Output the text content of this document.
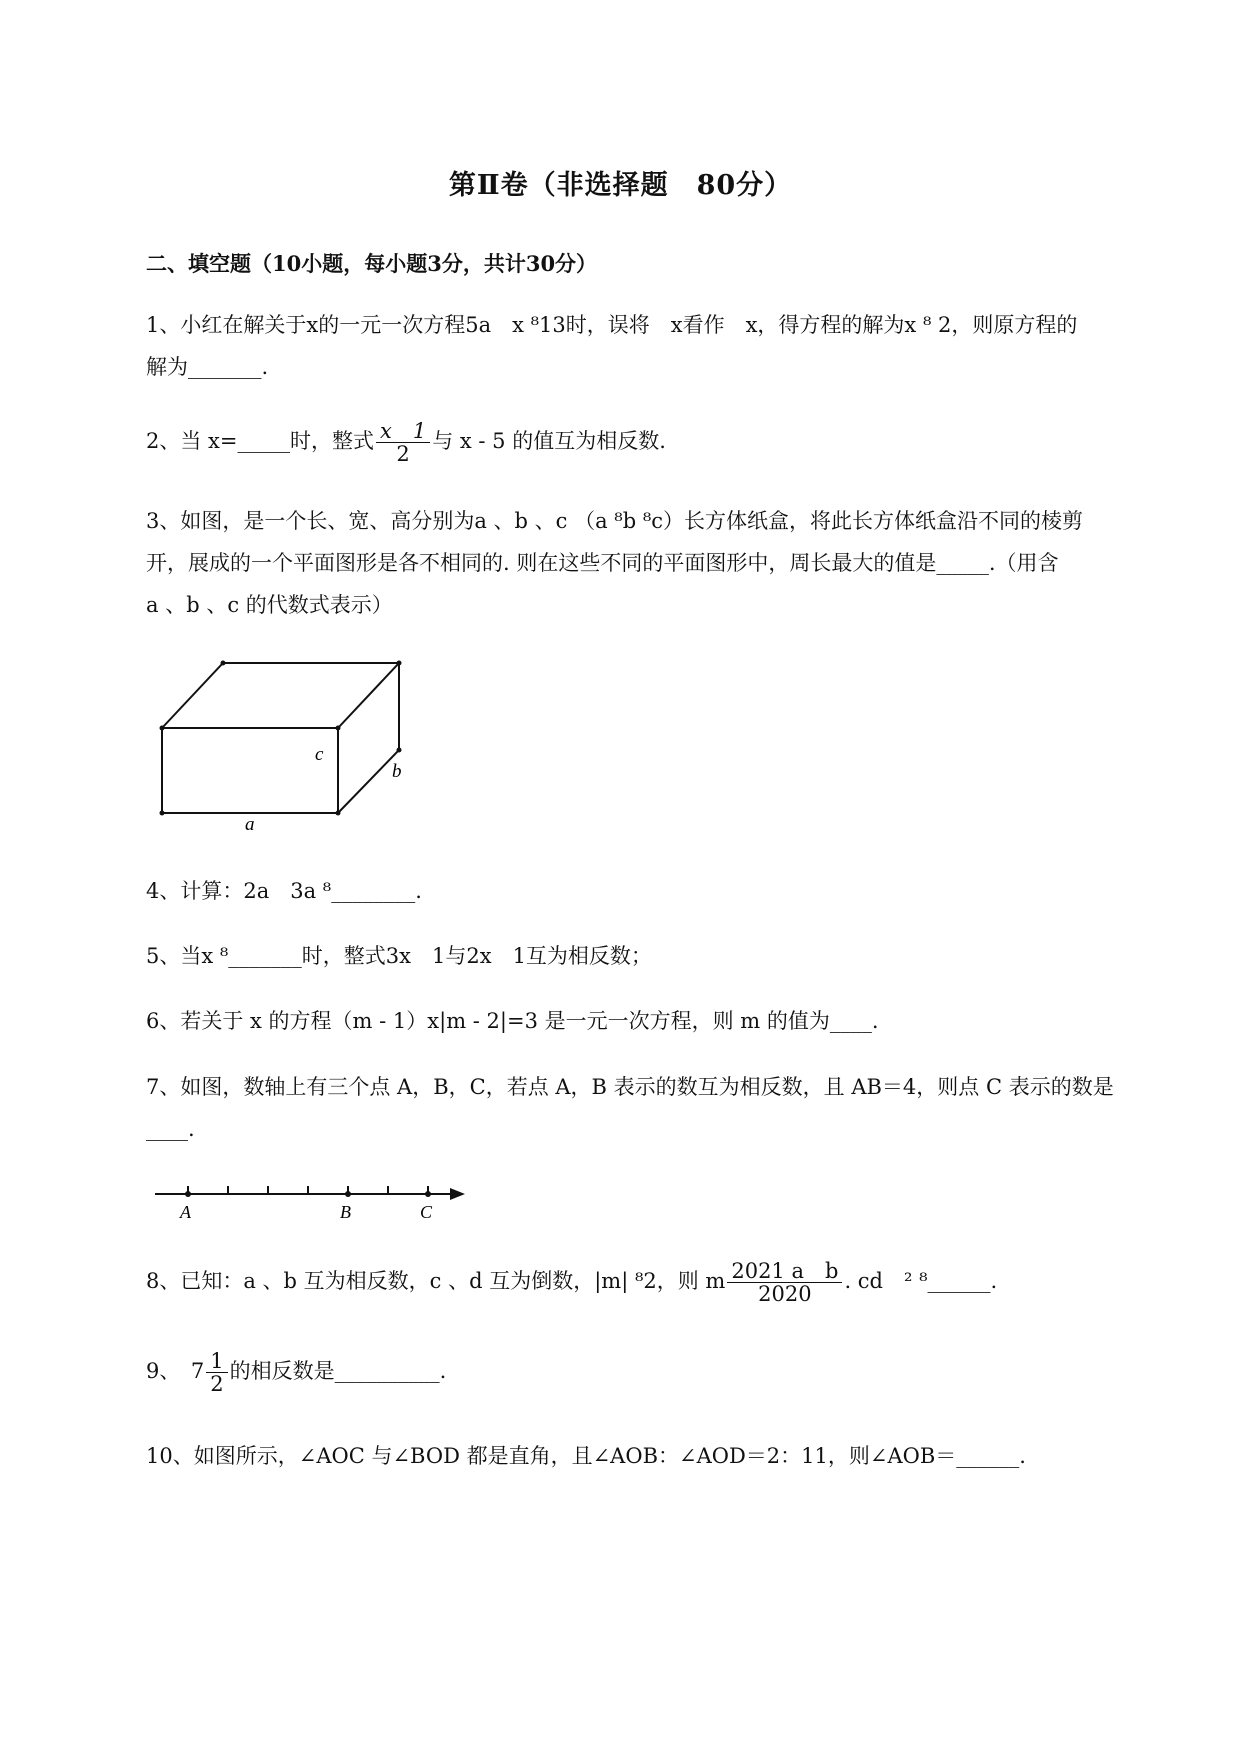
第Ⅱ卷（非选择题　80分）
二、填空题（10小题，每小题3分，共计30分）
1、小红在解关于x的一元一次方程5a　x ⁸13时，误将　x看作　x，得方程的解为x ⁸ 2，则原方程的
解为_______.
2、当 x=_____时，整式 $\frac{x 1}{2}$ 与 x - 5 的值互为相反数.
3、如图，是一个长、宽、高分别为a 、b 、c （a ⁸b ⁸c）长方体纸盒，将此长方体纸盒沿不同的棱剪
开，展成的一个平面图形是各不相同的. 则在这些不同的平面图形中，周长最大的值是_____.（用含
a 、b 、c 的代数式表示）
c
b
a
4、计算：2a　3a ⁸________.
5、当x ⁸_______时，整式3x　1与2x　1互为相反数；
6、若关于 x 的方程（m - 1）x|m - 2|=3 是一元一次方程，则 m 的值为____.
7、如图，数轴上有三个点 A，B，C，若点 A，B 表示的数互为相反数，且 AB＝4，则点 C 表示的数是
____.
A	B	C
8、已知：a 、b 互为相反数，c 、d 互为倒数，|m| ⁸2，则 m $\frac{\text{2021 a　b}}{2020}$ . cd　² ⁸______.
9、　$7 \frac{1}{2}$ 的相反数是__________.
10、如图所示，∠AOC 与∠BOD 都是直角，且∠AOB：∠AOD＝2：11，则∠AOB＝______.
